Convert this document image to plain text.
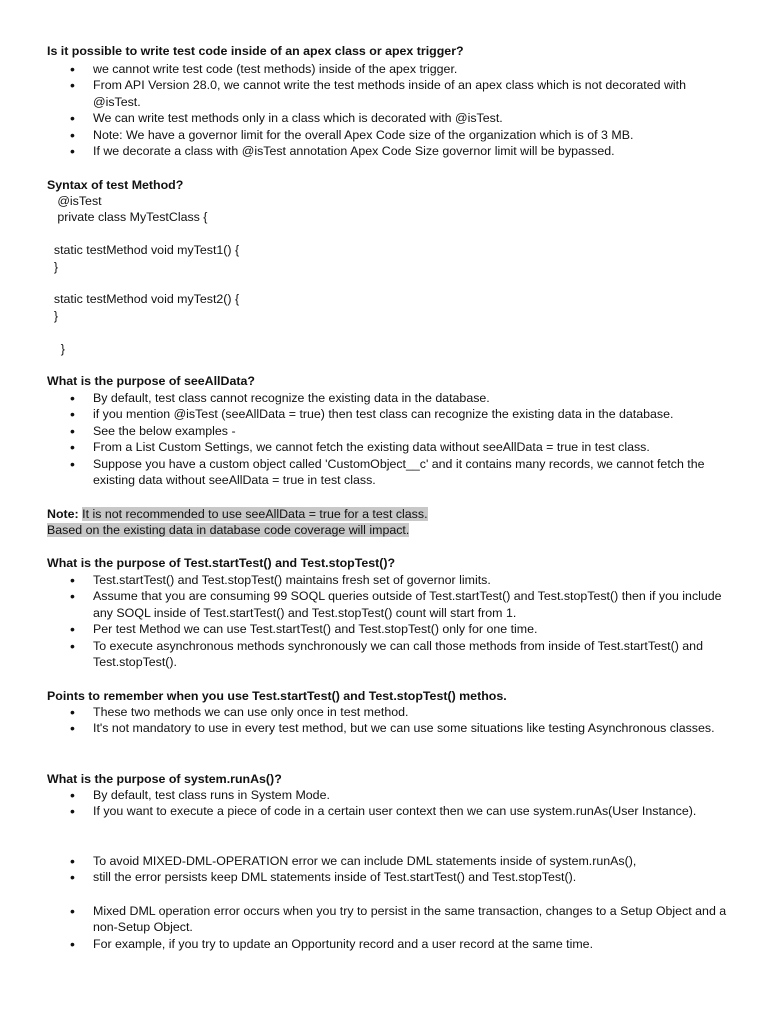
Is it possible to write test code inside of an apex class or apex trigger?
• we cannot write test code (test methods) inside of the apex trigger.
• From API Version 28.0, we cannot write the test methods inside of an apex class which is not decorated with @isTest.
• We can write test methods only in a class which is decorated with @isTest.
• Note: We have a governor limit for the overall Apex Code size of the organization which is of 3 MB.
• If we decorate a class with @isTest annotation Apex Code Size governor limit will be bypassed.
Syntax of test Method?
@isTest
private class MyTestClass {

static testMethod void myTest1() {
}

static testMethod void myTest2() {
}

}
What is the purpose of seeAllData?
• By default, test class cannot recognize the existing data in the database.
• if you mention @isTest (seeAllData = true) then test class can recognize the existing data in the database.
• See the below examples -
• From a List Custom Settings, we cannot fetch the existing data without seeAllData = true in test class.
• Suppose you have a custom object called 'CustomObject__c' and it contains many records, we cannot fetch the existing data without seeAllData = true in test class.
Note: It is not recommended to use seeAllData = true for a test class.
Based on the existing data in database code coverage will impact.
What is the purpose of Test.startTest() and Test.stopTest()?
• Test.startTest() and Test.stopTest() maintains fresh set of governor limits.
• Assume that you are consuming 99 SOQL queries outside of Test.startTest() and Test.stopTest() then if you include any SOQL inside of Test.startTest() and Test.stopTest() count will start from 1.
• Per test Method we can use Test.startTest() and Test.stopTest() only for one time.
• To execute asynchronous methods synchronously we can call those methods from inside of Test.startTest() and Test.stopTest().
Points to remember when you use Test.startTest() and Test.stopTest() methos.
• These two methods we can use only once in test method.
• It's not mandatory to use in every test method, but we can use some situations like testing Asynchronous classes.
What is the purpose of system.runAs()?
• By default, test class runs in System Mode.
• If you want to execute a piece of code in a certain user context then we can use system.runAs(User Instance).
• To avoid MIXED-DML-OPERATION error we can include DML statements inside of system.runAs(),
• still the error persists keep DML statements inside of Test.startTest() and Test.stopTest().
• Mixed DML operation error occurs when you try to persist in the same transaction, changes to a Setup Object and a non-Setup Object.
• For example, if you try to update an Opportunity record and a user record at the same time.
